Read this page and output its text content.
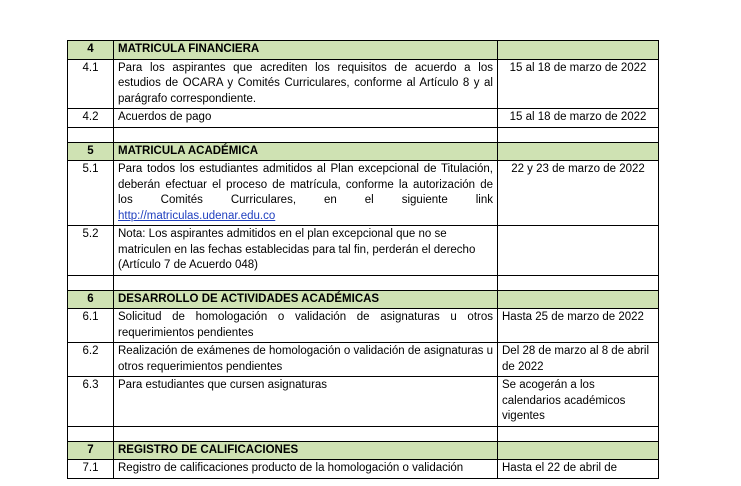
4	MATRICULA FINANCIERA	
4.1	Para los aspirantes que acrediten los requisitos de acuerdo a los estudios de OCARA y Comités Curriculares, conforme al Artículo 8 y al parágrafo correspondiente.	15 al 18 de marzo de 2022
4.2	Acuerdos de pago	15 al 18 de marzo de 2022

5	MATRICULA ACADÉMICA	
5.1	Para todos los estudiantes admitidos al Plan excepcional de Titulación, deberán efectuar el proceso de matrícula, conforme la autorización de los Comités Curriculares, en el siguiente link http://matriculas.udenar.edu.co	22 y 23 de marzo de 2022
5.2	Nota: Los aspirantes admitidos en el plan excepcional que no se matriculen en las fechas establecidas para tal fin, perderán el derecho (Artículo 7 de Acuerdo 048)	

6	DESARROLLO DE ACTIVIDADES ACADÉMICAS	
6.1	Solicitud de homologación o validación de asignaturas u otros requerimientos pendientes	Hasta 25 de marzo de 2022
6.2	Realización de exámenes de homologación o validación de asignaturas u otros requerimientos pendientes	Del 28 de marzo al 8 de abril de 2022
6.3	Para estudiantes que cursen asignaturas	Se acogerán a los calendarios académicos vigentes

7	REGISTRO DE CALIFICACIONES	
7.1	Registro de calificaciones producto de la homologación o validación	Hasta el 22 de abril de
